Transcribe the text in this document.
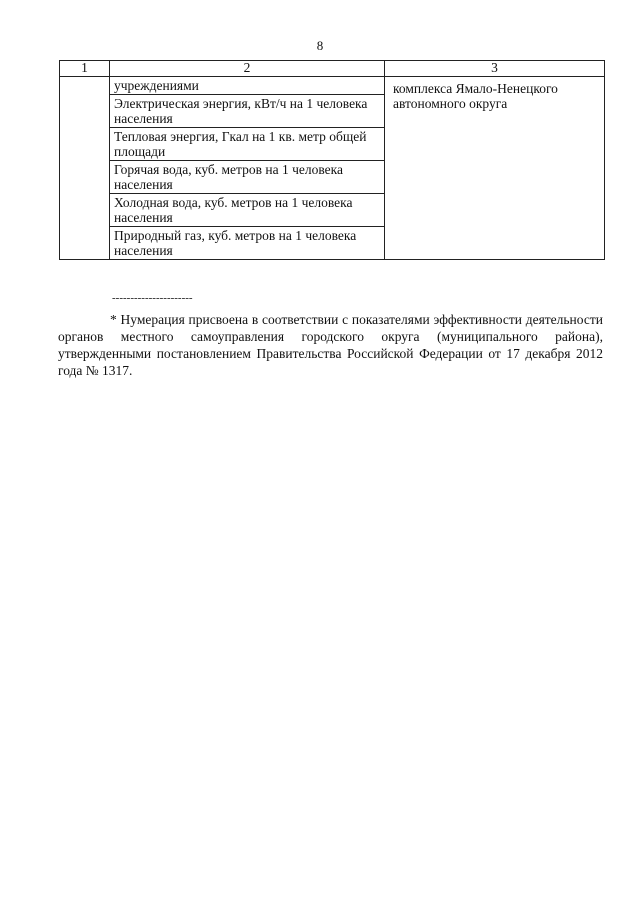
8
1	2	3
	учреждениями	комплекса Ямало-Ненецкого автономного округа
	Электрическая энергия, кВт/ч на 1 человека населения	
	Тепловая энергия, Гкал на 1 кв. метр общей площади	
	Горячая вода, куб. метров на 1 человека населения	
	Холодная вода, куб. метров на 1 человека населения	
	Природный газ, куб. метров на 1 человека населения	
----------------------
* Нумерация присвоена в соответствии с показателями эффективности деятельности органов местного самоуправления городского округа (муниципального района), утвержденными постановлением Правительства Российской Федерации от 17 декабря 2012 года № 1317.
